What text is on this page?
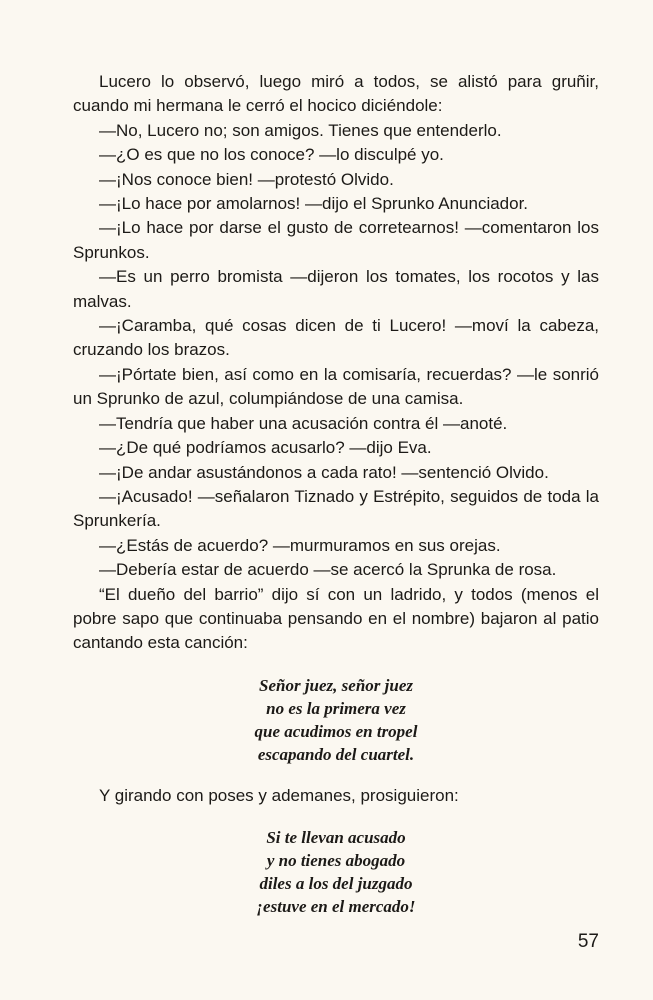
Lucero lo observó, luego miró a todos, se alistó para gruñir, cuando mi hermana le cerró el hocico diciéndole:

—No, Lucero no; son amigos. Tienes que entenderlo.

—¿O es que no los conoce? —lo disculpé yo.

—¡Nos conoce bien! —protestó Olvido.

—¡Lo hace por amolarnos! —dijo el Sprunko Anunciador.

—¡Lo hace por darse el gusto de corretearnos! —comentaron los Sprunkos.

—Es un perro bromista —dijeron los tomates, los rocotos y las malvas.

—¡Caramba, qué cosas dicen de ti Lucero! —moví la cabeza, cruzando los brazos.

—¡Pórtate bien, así como en la comisaría, recuerdas? —le sonrió un Sprunko de azul, columpiándose de una camisa.

—Tendría que haber una acusación contra él —anoté.

—¿De qué podríamos acusarlo? —dijo Eva.

—¡De andar asustándonos a cada rato! —sentenció Olvido.

—¡Acusado! —señalaron Tiznado y Estrépito, seguidos de toda la Sprunkería.

—¿Estás de acuerdo? —murmuramos en sus orejas.

—Debería estar de acuerdo —se acercó la Sprunka de rosa.

“El dueño del barrio” dijo sí con un ladrido, y todos (menos el pobre sapo que continuaba pensando en el nombre) bajaron al patio cantando esta canción:

Señor juez, señor juez
no es la primera vez
que acudimos en tropel
escapando del cuartel.

Y girando con poses y ademanes, prosiguieron:

Si te llevan acusado
y no tienes abogado
diles a los del juzgado
¡estuve en el mercado!
57
